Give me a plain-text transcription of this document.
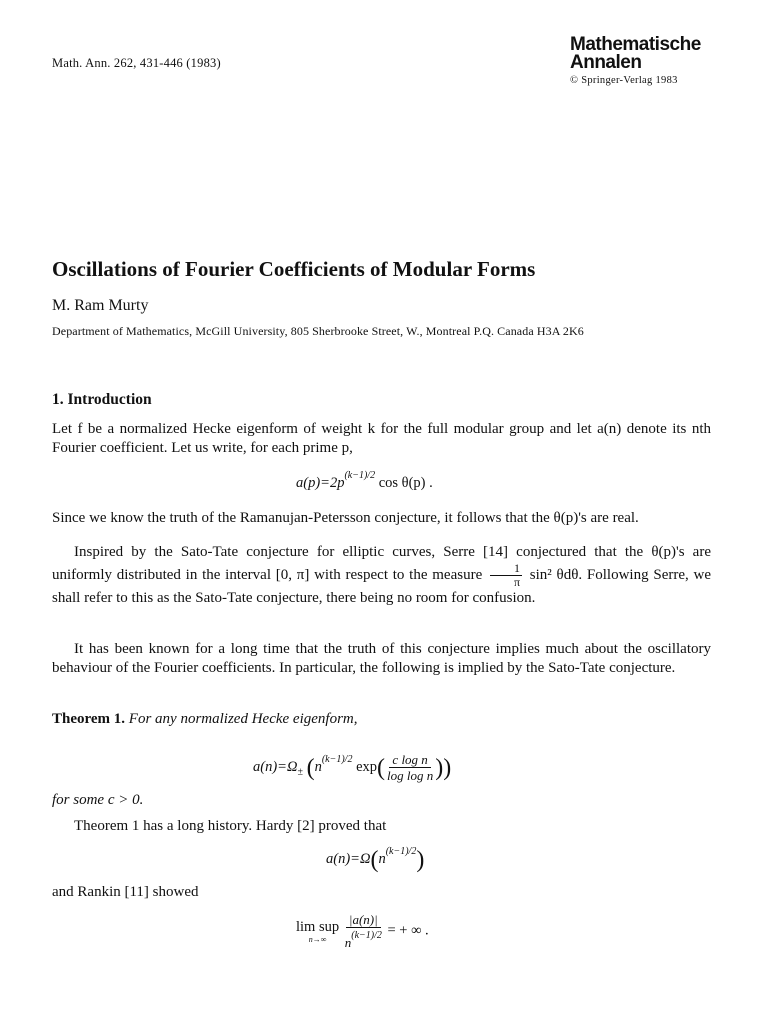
Math. Ann. 262, 431-446 (1983)
Mathematische
Annalen
© Springer-Verlag 1983
Oscillations of Fourier Coefficients of Modular Forms
M. Ram Murty
Department of Mathematics, McGill University, 805 Sherbrooke Street, W., Montreal P.Q. Canada H3A 2K6
1. Introduction
Let f be a normalized Hecke eigenform of weight k for the full modular group and let a(n) denote its nth Fourier coefficient. Let us write, for each prime p,
$a(p)=2p^{(k-1)/2}$ cos θ(p) .
Since we know the truth of the Ramanujan-Petersson conjecture, it follows that the θ(p)'s are real.
Inspired by the Sato-Tate conjecture for elliptic curves, Serre [14] conjectured that the θ(p)'s are uniformly distributed in the interval [0, π] with respect to the measure $\frac{1}{\pi} \sin^2$ θdθ. Following Serre, we shall refer to this as the Sato-Tate conjecture, there being no room for confusion.
It has been known for a long time that the truth of this conjecture implies much about the oscillatory behaviour of the Fourier coefficients. In particular, the following is implied by the Sato-Tate conjecture.
Theorem 1. For any normalized Hecke eigenform,
$a(n)=\Omega_\pm$ ($n^{(k-1)/2}$ $\exp( \frac{\text{c log n}}{\text{log log n}}$ ))
for some c > 0.
Theorem 1 has a long history. Hardy [2] proved that
$a(n)=\Omega(n^{(k-1)/2})$
and Rankin [11] showed
lim sup
n→∞
$\frac{|a(n)|}{n^{(k-1)/2}}$ = + ∞ .
